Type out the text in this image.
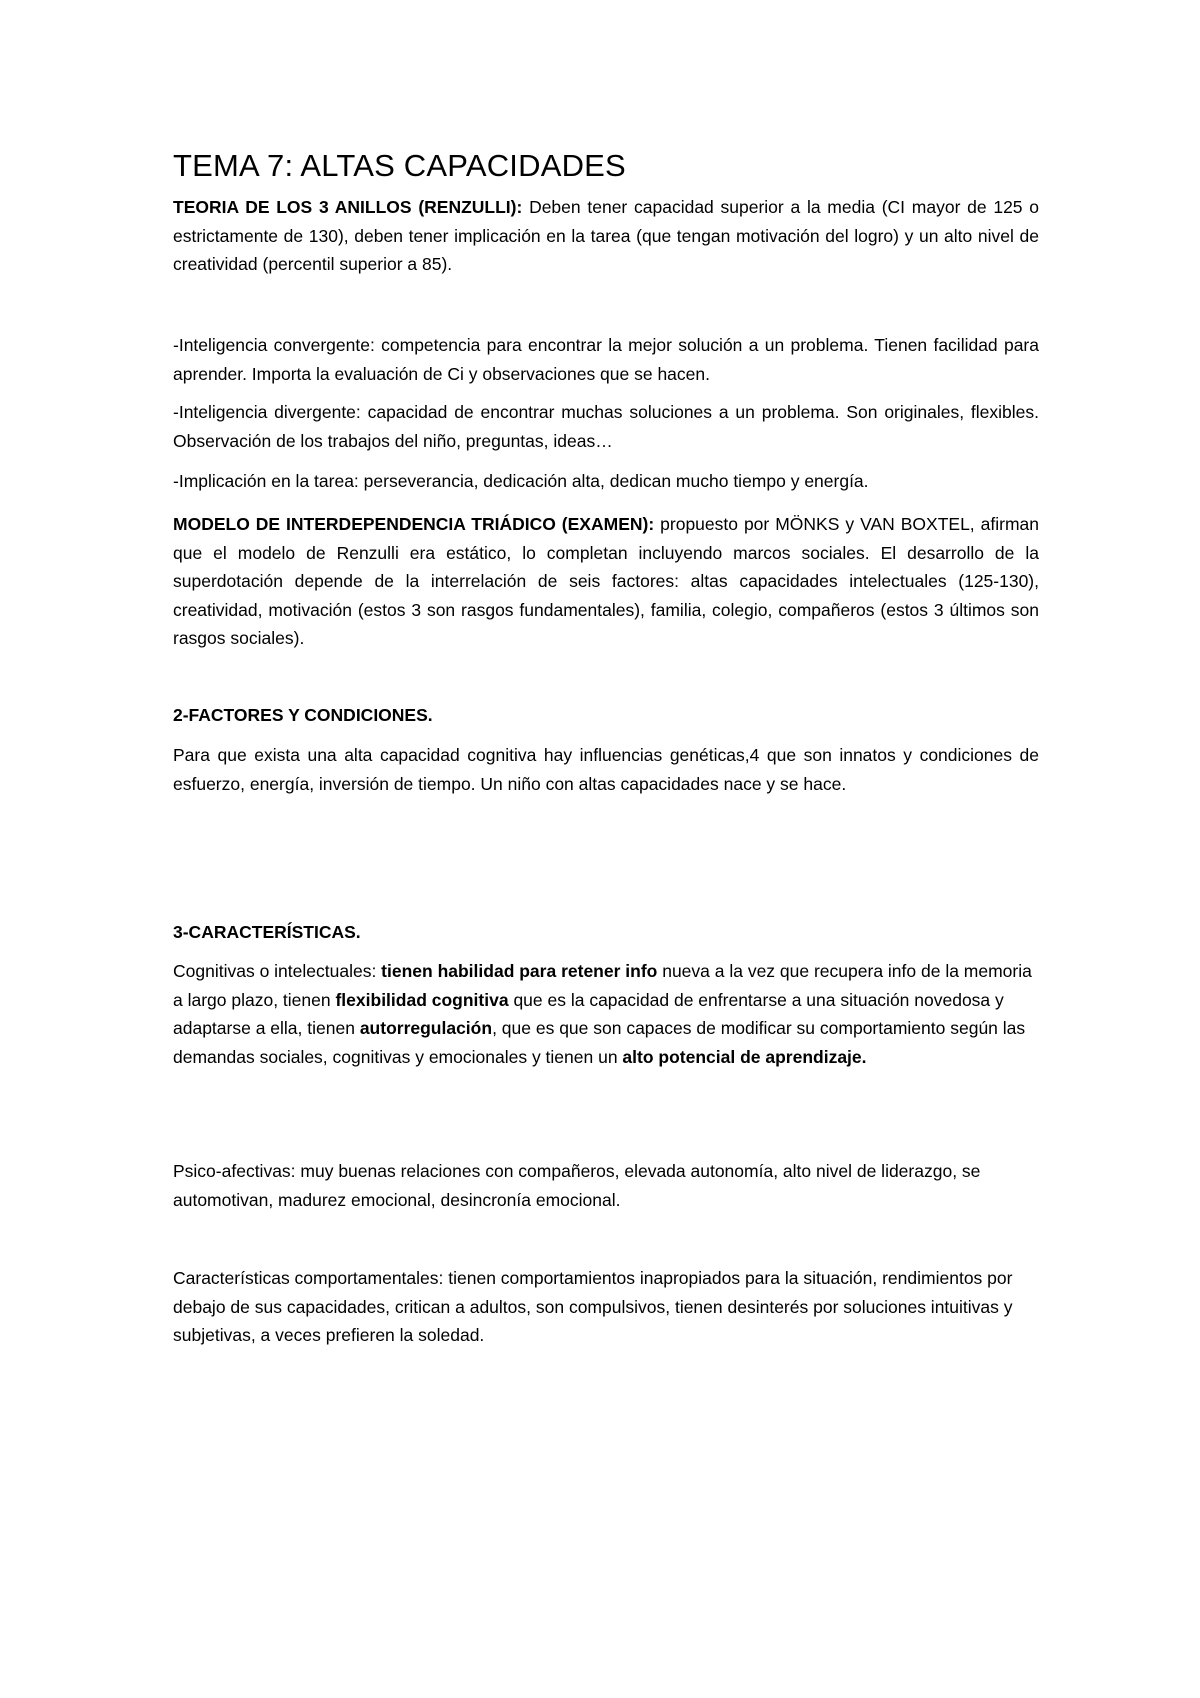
TEMA 7: ALTAS CAPACIDADES

TEORIA DE LOS 3 ANILLOS (RENZULLI): Deben tener capacidad superior a la media (CI mayor de 125 o estrictamente de 130), deben tener implicación en la tarea (que tengan motivación del logro) y un alto nivel de creatividad (percentil superior a 85).

-Inteligencia convergente: competencia para encontrar la mejor solución a un problema. Tienen facilidad para aprender. Importa la evaluación de Ci y observaciones que se hacen.

-Inteligencia divergente: capacidad de encontrar muchas soluciones a un problema. Son originales, flexibles. Observación de los trabajos del niño, preguntas, ideas…

-Implicación en la tarea: perseverancia, dedicación alta, dedican mucho tiempo y energía.

MODELO DE INTERDEPENDENCIA TRIÁDICO (EXAMEN): propuesto por MÖNKS y VAN BOXTEL, afirman que el modelo de Renzulli era estático, lo completan incluyendo marcos sociales. El desarrollo de la superdotación depende de la interrelación de seis factores: altas capacidades intelectuales (125-130), creatividad, motivación (estos 3 son rasgos fundamentales), familia, colegio, compañeros (estos 3 últimos son rasgos sociales).

2-FACTORES Y CONDICIONES.

Para que exista una alta capacidad cognitiva hay influencias genéticas,4 que son innatos y condiciones de esfuerzo, energía, inversión de tiempo. Un niño con altas capacidades nace y se hace.

3-CARACTERÍSTICAS.

Cognitivas o intelectuales: tienen habilidad para retener info nueva a la vez que recupera info de la memoria a largo plazo, tienen flexibilidad cognitiva que es la capacidad de enfrentarse a una situación novedosa y adaptarse a ella, tienen autorregulación, que es que son capaces de modificar su comportamiento según las demandas sociales, cognitivas y emocionales y tienen un alto potencial de aprendizaje.

Psico-afectivas: muy buenas relaciones con compañeros, elevada autonomía, alto nivel de liderazgo, se automotivan, madurez emocional, desincronía emocional.

Características comportamentales: tienen comportamientos inapropiados para la situación, rendimientos por debajo de sus capacidades, critican a adultos, son compulsivos, tienen desinterés por soluciones intuitivas y subjetivas, a veces prefieren la soledad.
